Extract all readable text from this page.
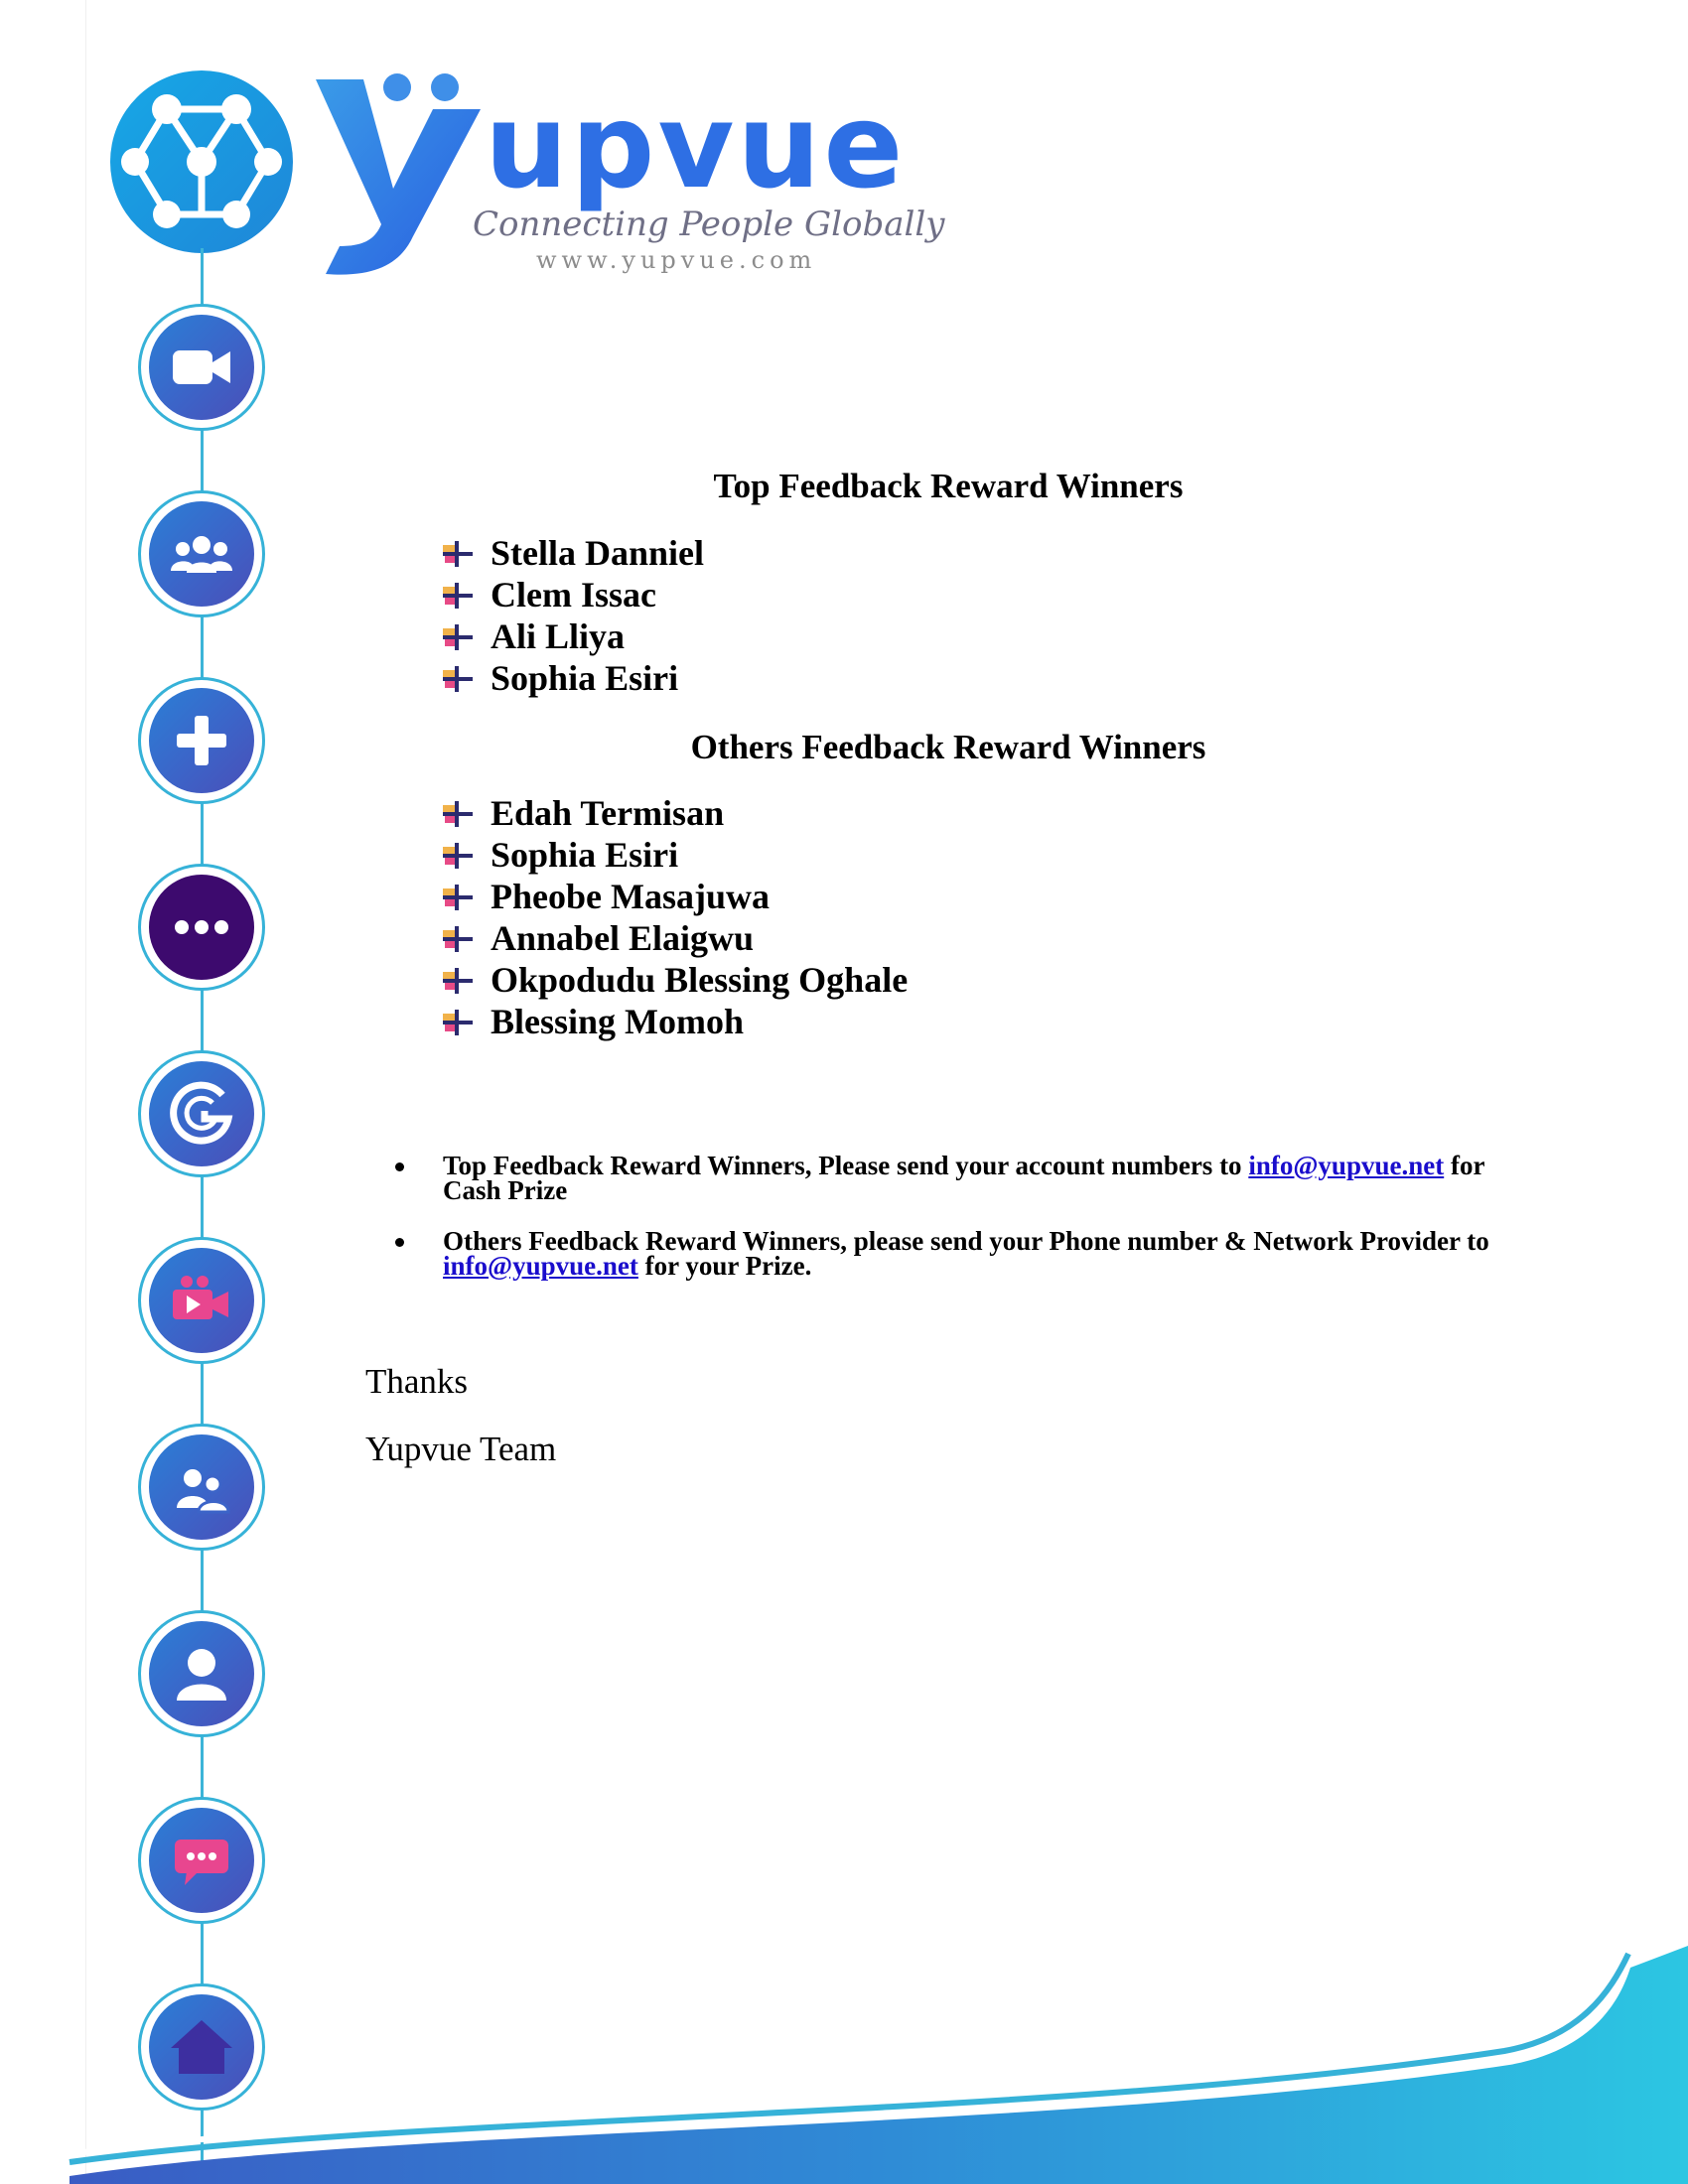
upvue
Connecting People Globally
www.yupvue.com
Top Feedback Reward Winners
Stella Danniel
Clem Issac
Ali Lliya
Sophia Esiri
Others Feedback Reward Winners
Edah Termisan
Sophia Esiri
Pheobe Masajuwa
Annabel Elaigwu
Okpodudu Blessing Oghale
Blessing Momoh
Top Feedback Reward Winners, Please send your account numbers to info@yupvue.net for Cash Prize
Others Feedback Reward Winners, please send your Phone number & Network Provider to info@yupvue.net for your Prize.
Thanks
Yupvue Team
